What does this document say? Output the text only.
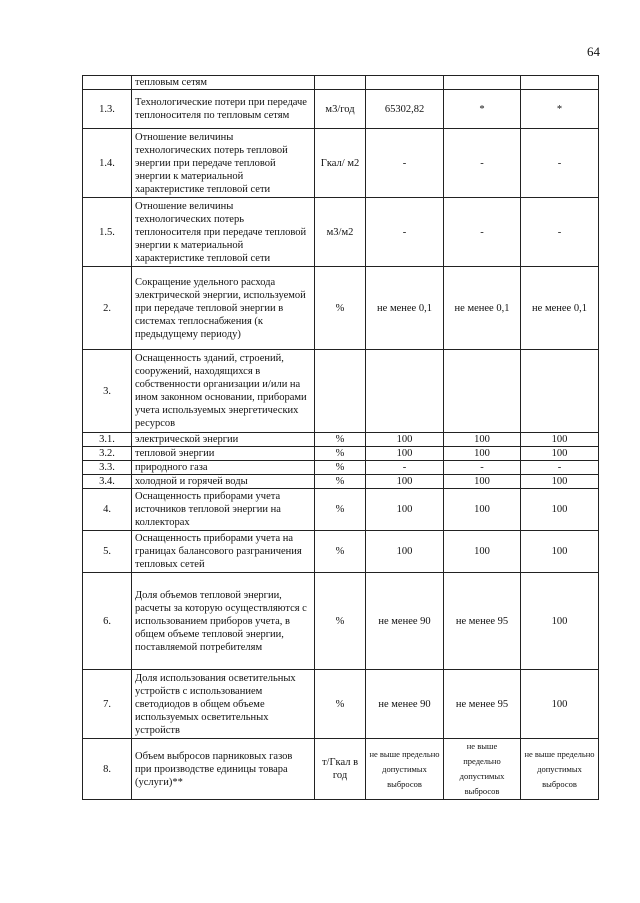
64
	тепловым сетям				
1.3.	Технологические потери при передаче теплоносителя по тепловым сетям	м3/год	65302,82	*	*
1.4.	Отношение величины технологических потерь тепловой энергии при передаче тепловой энергии к материальной характеристике тепловой сети	Гкал/ м2	-	-	-
1.5.	Отношение величины технологических потерь теплоносителя при передаче тепловой энергии к материальной характеристике тепловой сети	м3/м2	-	-	-
2.	Сокращение удельного расхода электрической энергии, используемой при передаче тепловой энергии в системах теплоснабжения (к предыдущему периоду)	%	не менее 0,1	не менее 0,1	не менее 0,1
3.	Оснащенность зданий, строений, сооружений, находящихся в собственности организации и/или на ином законном основании, приборами учета используемых энергетических ресурсов				
3.1.	электрической энергии	%	100	100	100
3.2.	тепловой энергии	%	100	100	100
3.3.	природного газа	%	-	-	-
3.4.	холодной и горячей воды	%	100	100	100
4.	Оснащенность приборами учета источников тепловой энергии на коллекторах	%	100	100	100
5.	Оснащенность приборами учета на границах балансового разграничения тепловых сетей	%	100	100	100
6.	Доля объемов тепловой энергии, расчеты за которую осуществляются с использованием приборов учета, в общем объеме тепловой энергии, поставляемой потребителям	%	не менее 90	не менее 95	100
7.	Доля использования осветительных устройств с использованием светодиодов в общем объеме используемых осветительных устройств	%	не менее 90	не менее 95	100
8.	Объем выбросов парниковых газов при производстве единицы товара (услуги)**	т/Гкал в год	не выше предельно допустимых выбросов	не выше предельно допустимых выбросов	не выше предельно допустимых выбросов
